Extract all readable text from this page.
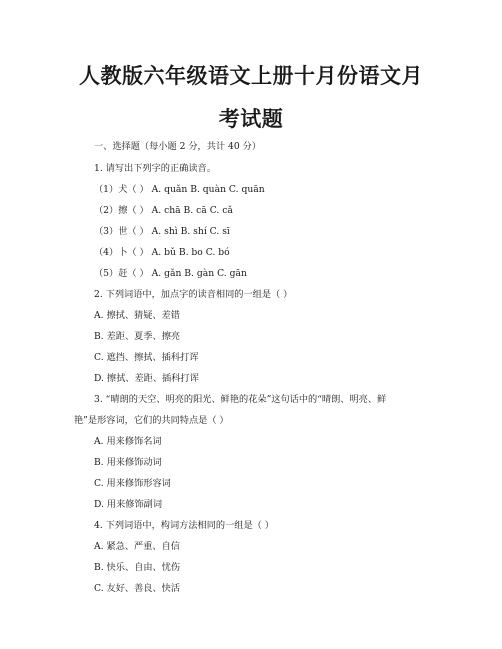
人教版六年级语文上册十月份语文月
考试题
一、选择题（每小题 2 分，共计 40 分）
1. 请写出下列字的正确读音。
（1）犬（ ） A. quǎn B. quàn C. quān
（2）擦（ ） A. chā B. cā C. cǎ
（3）世（ ） A. shì B. shí C. sī
（4）卜（ ） A. bǔ B. bo C. bó
（5）赶（ ） A. gǎn B. gàn C. gān
2. 下列词语中，加点字的读音相同的一组是（ ）
A. 擦拭、猜疑、差错
B. 差距、夏季、擦亮
C. 遮挡、擦拭、插科打诨
D. 擦拭、差距、插科打诨
3. “晴朗的天空、明亮的阳光、鲜艳的花朵”这句话中的“晴朗、明亮、鲜
艳”是形容词，它们的共同特点是（ ）
A. 用来修饰名词
B. 用来修饰动词
C. 用来修饰形容词
D. 用来修饰副词
4. 下列词语中，构词方法相同的一组是（ ）
A. 紧急、严重、自信
B. 快乐、自由、忧伤
C. 友好、善良、快活
